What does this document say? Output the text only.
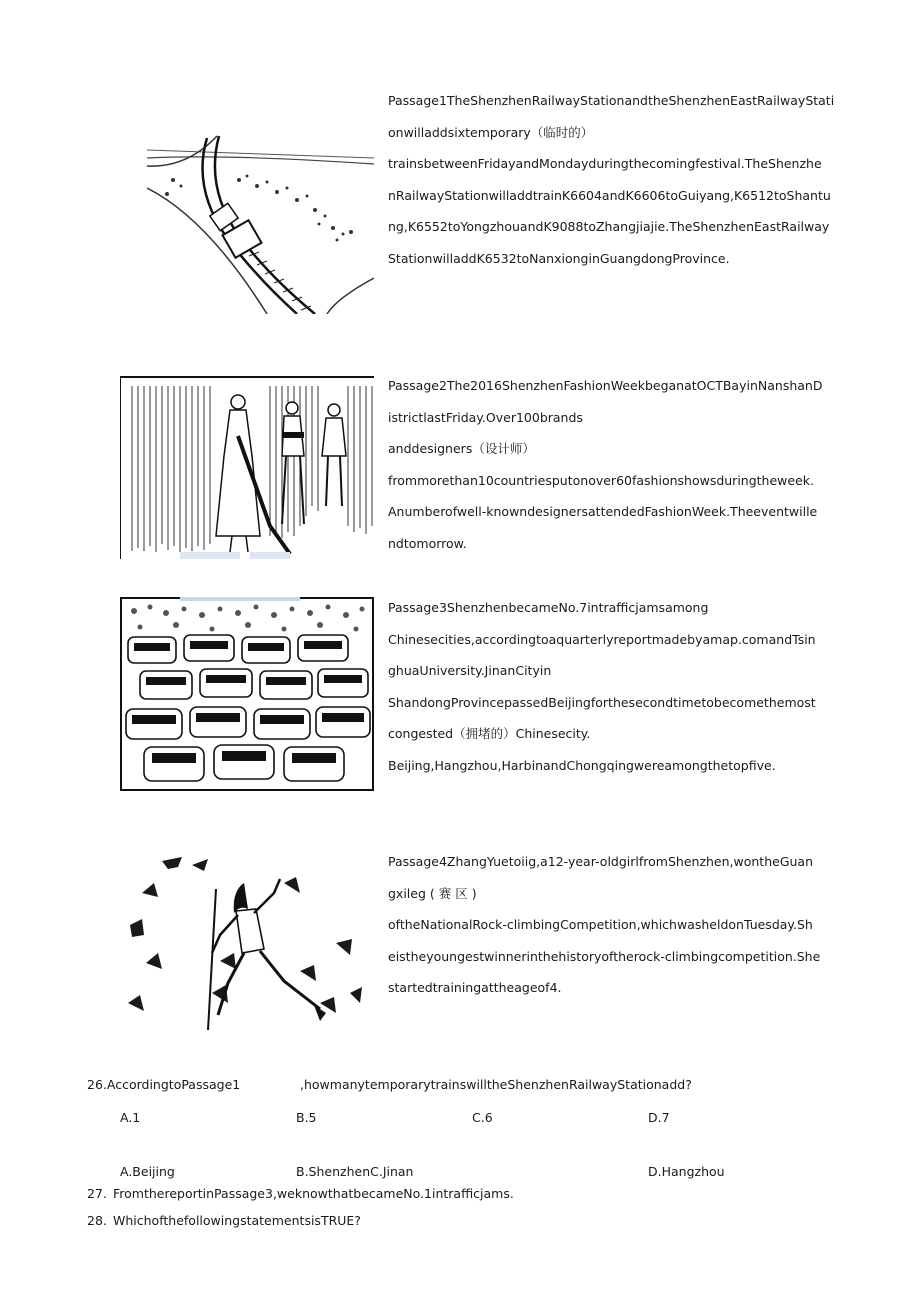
Passage1TheShenzhenRailwayStationandtheShenzhenEastRailwayStati
onwilladdsixtemporary（临时的）
trainsbetweenFridayandMondayduringthecomingfestival.TheShenzhe
nRailwayStationwilladdtrainK6604andK6606toGuiyang,K6512toShantu
ng,K6552toYongzhouandK9088toZhangjiajie.TheShenzhenEastRailway
StationwilladdK6532toNanxionginGuangdongProvince.
Passage2The2016ShenzhenFashionWeekbeganatOCTBayinNanshanD
istrictlastFriday.Over100brands
anddesigners（设计师）
frommorethan10countriesputonover60fashionshowsduringtheweek.
Anumberofwell-knowndesignersattendedFashionWeek.Theeventwille
ndtomorrow.
Passage3ShenzhenbecameNo.7intrafficjamsamong
Chinesecities,accordingtoaquarterlyreportmadebyamap.comandTsin
ghuaUniversity.JinanCityin
ShandongProvincepassedBeijingforthesecondtimetobecomethemost
congested（拥堵的）Chinesecity.
Beijing,Hangzhou,HarbinandChongqingwereamongthetopfive.
Passage4ZhangYuetoiig,a12-year-oldgirlfromShenzhen,wontheGuan
gxileg ( 赛 区 )
oftheNationalRock-climbingCompetition,whichwasheldonTuesday.Sh
eistheyoungestwinnerinthehistoryoftherock-climbingcompetition.She
startedtrainingattheageof4.
26.AccordingtoPassage1	,howmanytemporarytrainswilltheShenzhenRailwayStationadd?
A.1	B.5	C.6	D.7
A.Beijing	B.ShenzhenC.Jinan	D.Hangzhou
27. FromthereportinPassage3,weknowthatbecameNo.1intrafficjams.
28. WhichofthefollowingstatementsisTRUE?
